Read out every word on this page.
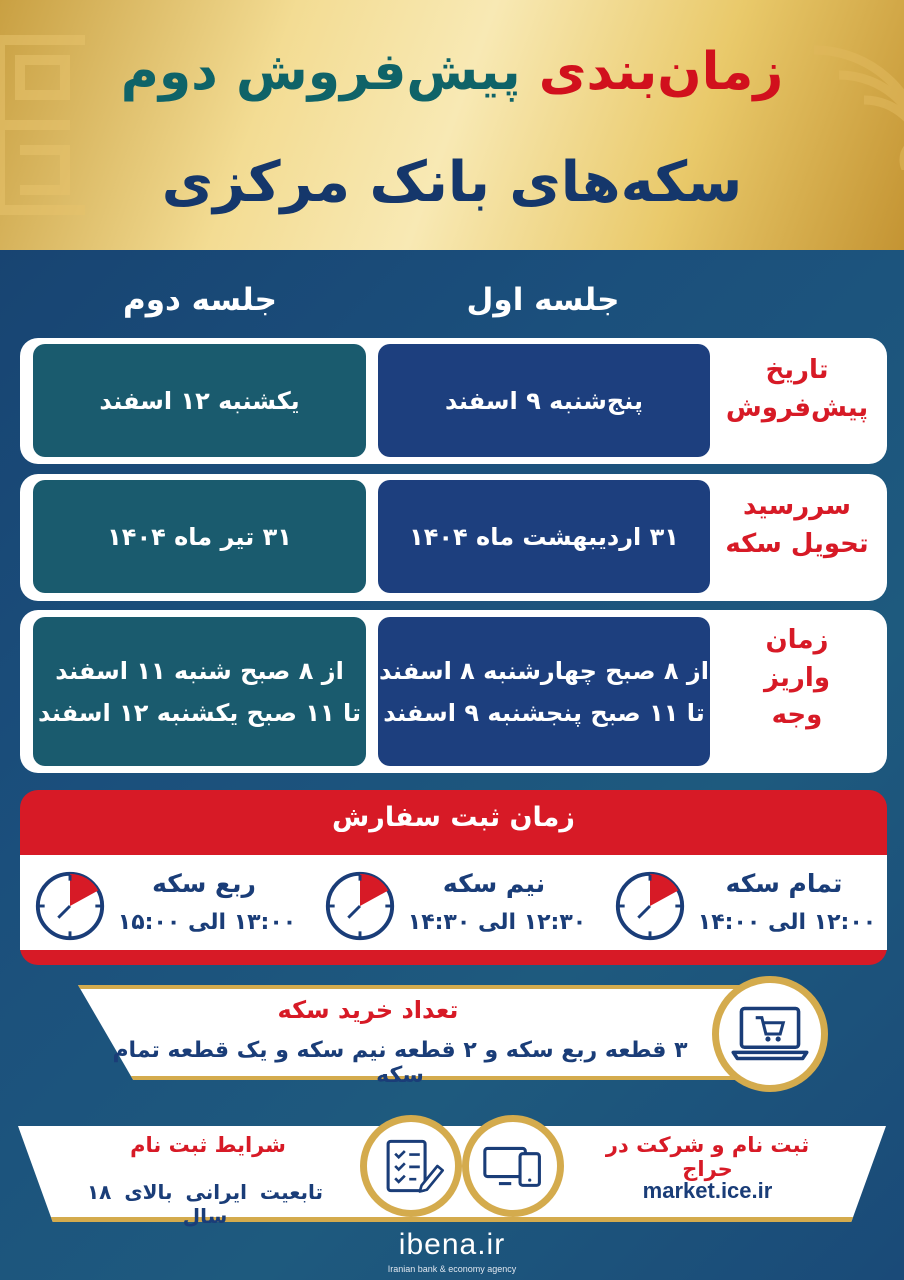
زمان‌بندی پیش‌فروش دوم
سکه‌های بانک مرکزی
جلسه اول
جلسه دوم
یکشنبه ۱۲ اسفند	پنج‌شنبه ۹ اسفند
تاریخ
پیش‌فروش
۳۱ تیر ماه ۱۴۰۴	۳۱ اردیبهشت ماه ۱۴۰۴
سررسید
تحویل سکه
از ۸ صبح شنبه ۱۱ اسفند
تا ۱۱ صبح یکشنبه ۱۲ اسفند
از ۸ صبح چهارشنبه ۸ اسفند
تا ۱۱ صبح پنجشنبه ۹ اسفند
زمان
واریز
وجه
زمان ثبت سفارش
تمام سکه
۱۲:۰۰ الی ۱۴:۰۰
نیم سکه
۱۲:۳۰ الی ۱۴:۳۰
ربع سکه
۱۳:۰۰ الی ۱۵:۰۰
تعداد خرید سکه
۳ قطعه ربع سکه و ۲ قطعه نیم سکه و یک قطعه تمام سکه
ثبت نام و شرکت در حراج
market.ice.ir
شرایط ثبت نام
تابعیت ایرانی بالای ۱۸ سال
ibena.ir
Iranian bank & economy agency
